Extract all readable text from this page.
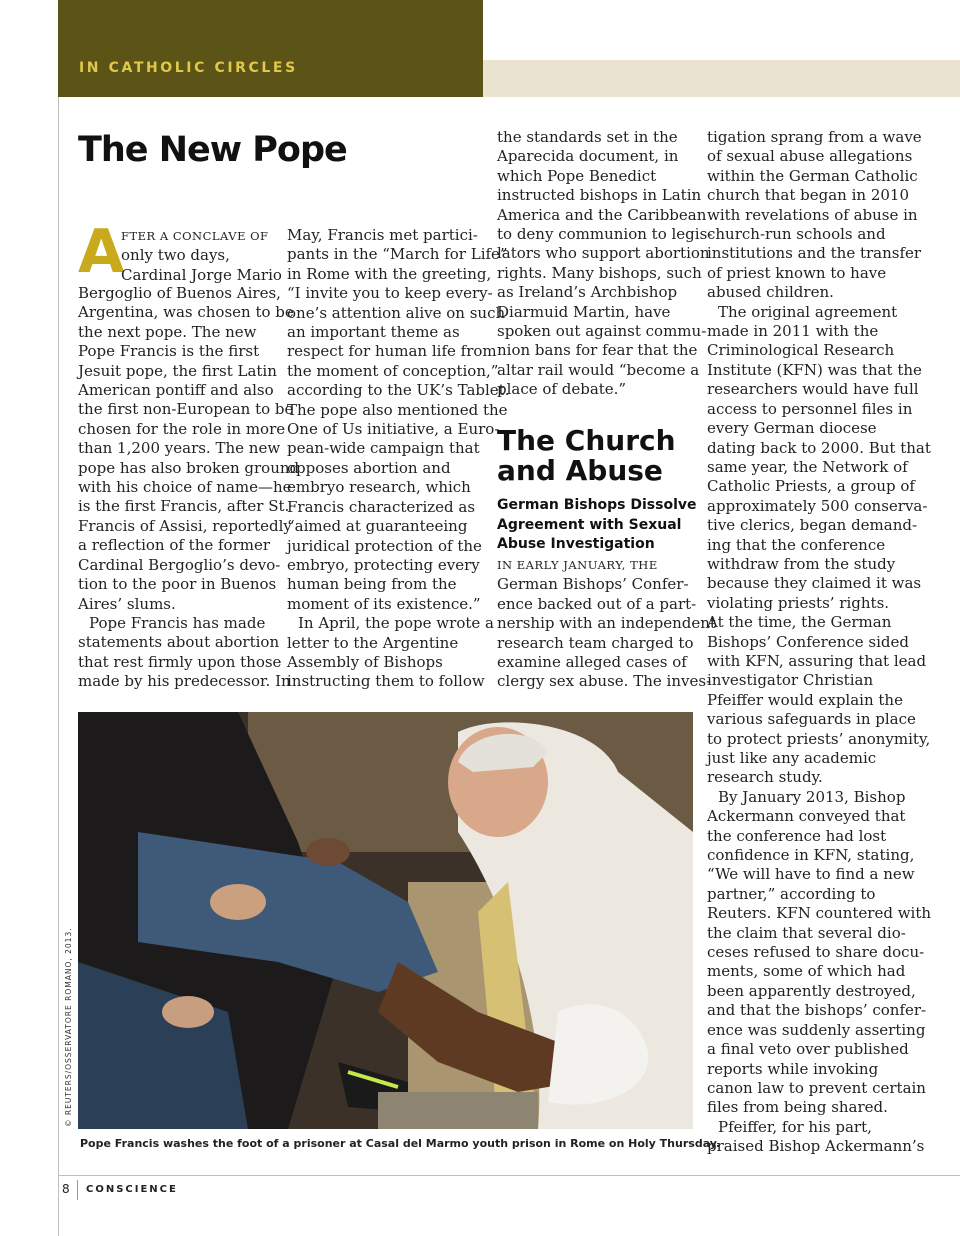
IN CATHOLIC CIRCLES
The New Pope
A

FTER A CONCLAVE OF

only two days,

Cardinal Jorge Mario

Bergoglio of Buenos Aires,

Argentina, was chosen to be

the next pope. The new

Pope Francis is the first

Jesuit pope, the first Latin

American pontiff and also

the first non-European to be

chosen for the role in more

than 1,200 years. The new

pope has also broken ground

with his choice of name—he

is the first Francis, after St.

Francis of Assisi, reportedly

a reflection of the former

Cardinal Bergoglio’s devo-

tion to the poor in Buenos

Aires’ slums.

Pope Francis has made

statements about abortion

that rest firmly upon those

made by his predecessor. In

May, Francis met partici-

pants in the “March for Life”

in Rome with the greeting,

“I invite you to keep every-

one’s attention alive on such

an important theme as

respect for human life from

the moment of conception,”

according to the UK’s Tablet.

The pope also mentioned the

One of Us initiative, a Euro-

pean-wide campaign that

opposes abortion and

embryo research, which

Francis characterized as

“aimed at guaranteeing

juridical protection of the

embryo, protecting every

human being from the

moment of its existence.”

In April, the pope wrote a

letter to the Argentine

Assembly of Bishops

instructing them to follow

the standards set in the

Aparecida document, in

which Pope Benedict

instructed bishops in Latin

America and the Caribbean

to deny communion to legis-

lators who support abortion

rights. Many bishops, such

as Ireland’s Archbishop

Diarmuid Martin, have

spoken out against commu-

nion bans for fear that the

altar rail would “become a

place of debate.”

The Church
and Abuse
German Bishops Dissolve
Agreement with Sexual
Abuse Investigation

IN EARLY JANUARY, THE

German Bishops’ Confer-

ence backed out of a part-

nership with an independent

research team charged to

examine alleged cases of

clergy sex abuse. The inves-

tigation sprang from a wave

of sexual abuse allegations

within the German Catholic

church that began in 2010

with revelations of abuse in

church-run schools and

institutions and the transfer

of priest known to have

abused children.

The original agreement

made in 2011 with the

Criminological Research

Institute (KFN) was that the

researchers would have full

access to personnel files in

every German diocese

dating back to 2000. But that

same year, the Network of

Catholic Priests, a group of

approximately 500 conserva-

tive clerics, began demand-

ing that the conference

withdraw from the study

because they claimed it was

violating priests’ rights.

At the time, the German

Bishops’ Conference sided

with KFN, assuring that lead

investigator Christian

Pfeiffer would explain the

various safeguards in place

to protect priests’ anonymity,

just like any academic

research study.

By January 2013, Bishop

Ackermann conveyed that

the conference had lost

confidence in KFN, stating,

“We will have to find a new

partner,” according to

Reuters. KFN countered with

the claim that several dio-

ceses refused to share docu-

ments, some of which had

been apparently destroyed,

and that the bishops’ confer-

ence was suddenly asserting

a final veto over published

reports while invoking

canon law to prevent certain

files from being shared.

Pfeiffer, for his part,

praised Bishop Ackermann’s

© REUTERS/OSSERVATORE ROMANO, 2013.

Pope Francis washes the foot of a prisoner at Casal del Marmo youth prison in Rome on Holy Thursday.

8 CONSCIENCE
